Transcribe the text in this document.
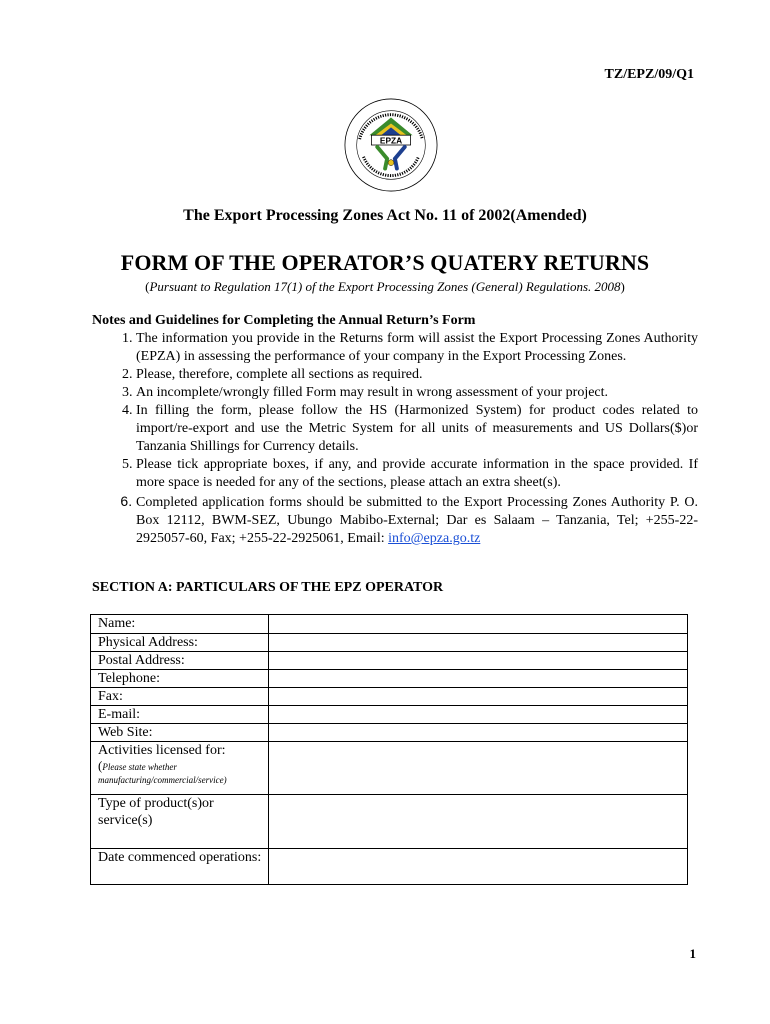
TZ/EPZ/09/Q1
EPZA
The Export Processing Zones Act No. 11 of 2002(Amended)
FORM OF THE OPERATOR’S QUATERY RETURNS
(Pursuant to Regulation 17(1) of the Export Processing Zones (General) Regulations. 2008)
Notes and Guidelines for Completing the Annual Return’s Form
1. The information you provide in the Returns form will assist the Export Processing Zones Authority (EPZA) in assessing the performance of your company in the Export Processing Zones.
2. Please, therefore, complete all sections as required.
3. An incomplete/wrongly filled Form may result in wrong assessment of your project.
4. In filling the form, please follow the HS (Harmonized System) for product codes related to import/re-export and use the Metric System for all units of measurements and US Dollars($)or Tanzania Shillings for Currency details.
5. Please tick appropriate boxes, if any, and provide accurate information in the space provided. If more space is needed for any of the sections, please attach an extra sheet(s).
6. Completed application forms should be submitted to the Export Processing Zones Authority P. O. Box 12112, BWM-SEZ, Ubungo Mabibo-External; Dar es Salaam – Tanzania, Tel; +255-22-2925057-60, Fax; +255-22-2925061, Email: info@epza.go.tz
SECTION A: PARTICULARS OF THE EPZ OPERATOR
Name:	
Physical Address:	
Postal Address:	
Telephone:	
Fax:	
E-mail:	
Web Site:	

Activities licensed for:
(Please state whether manufacturing/commercial/service)	

Type of product(s)or service(s)	
Date commenced operations:	
1
